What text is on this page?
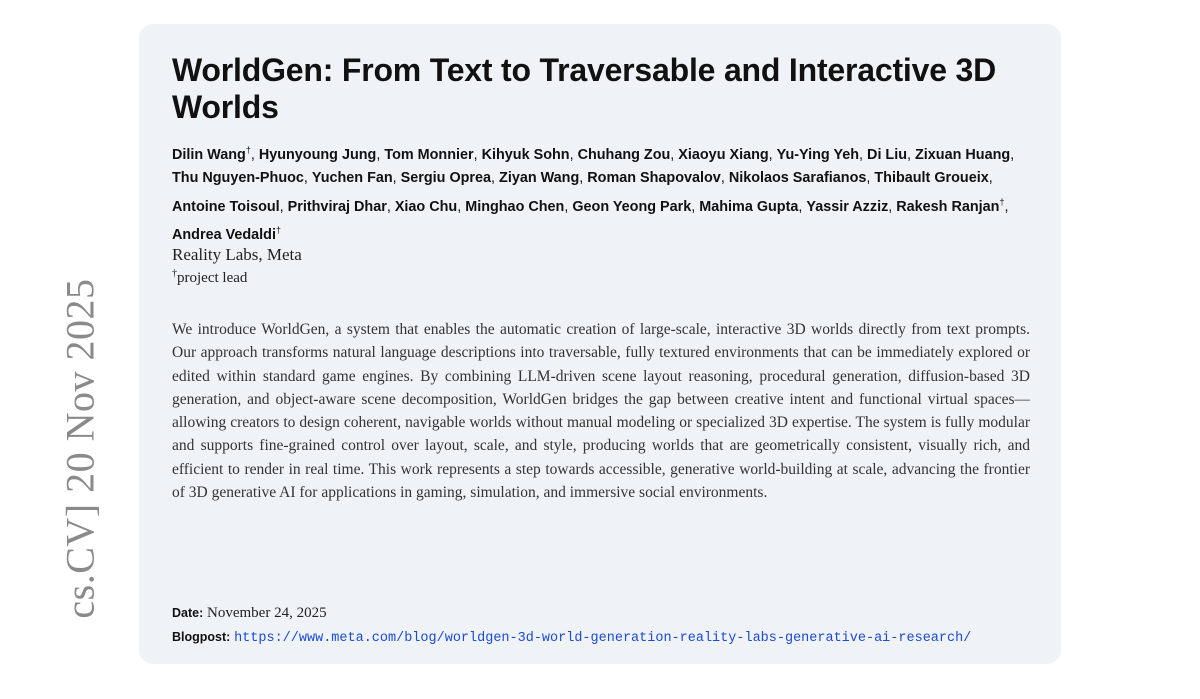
cs.CV] 20 Nov 2025
WorldGen: From Text to Traversable and Interactive 3D Worlds
Dilin Wang†, Hyunyoung Jung, Tom Monnier, Kihyuk Sohn, Chuhang Zou, Xiaoyu Xiang, Yu-Ying Yeh, Di Liu, Zixuan Huang, Thu Nguyen-Phuoc, Yuchen Fan, Sergiu Oprea, Ziyan Wang, Roman Shapovalov, Nikolaos Sarafianos, Thibault Groueix, Antoine Toisoul, Prithviraj Dhar, Xiao Chu, Minghao Chen, Geon Yeong Park, Mahima Gupta, Yassir Azziz, Rakesh Ranjan†, Andrea Vedaldi†
Reality Labs, Meta
†project lead
We introduce WorldGen, a system that enables the automatic creation of large-scale, interactive 3D worlds directly from text prompts. Our approach transforms natural language descriptions into traversable, fully textured environments that can be immediately explored or edited within standard game engines. By combining LLM-driven scene layout reasoning, procedural generation, diffusion-based 3D generation, and object-aware scene decomposition, WorldGen bridges the gap between creative intent and functional virtual spaces—allowing creators to design coherent, navigable worlds without manual modeling or specialized 3D expertise. The system is fully modular and supports fine-grained control over layout, scale, and style, producing worlds that are geometrically consistent, visually rich, and efficient to render in real time. This work represents a step towards accessible, generative world-building at scale, advancing the frontier of 3D generative AI for applications in gaming, simulation, and immersive social environments.
Date: November 24, 2025
Blogpost: https://www.meta.com/blog/worldgen-3d-world-generation-reality-labs-generative-ai-research/
